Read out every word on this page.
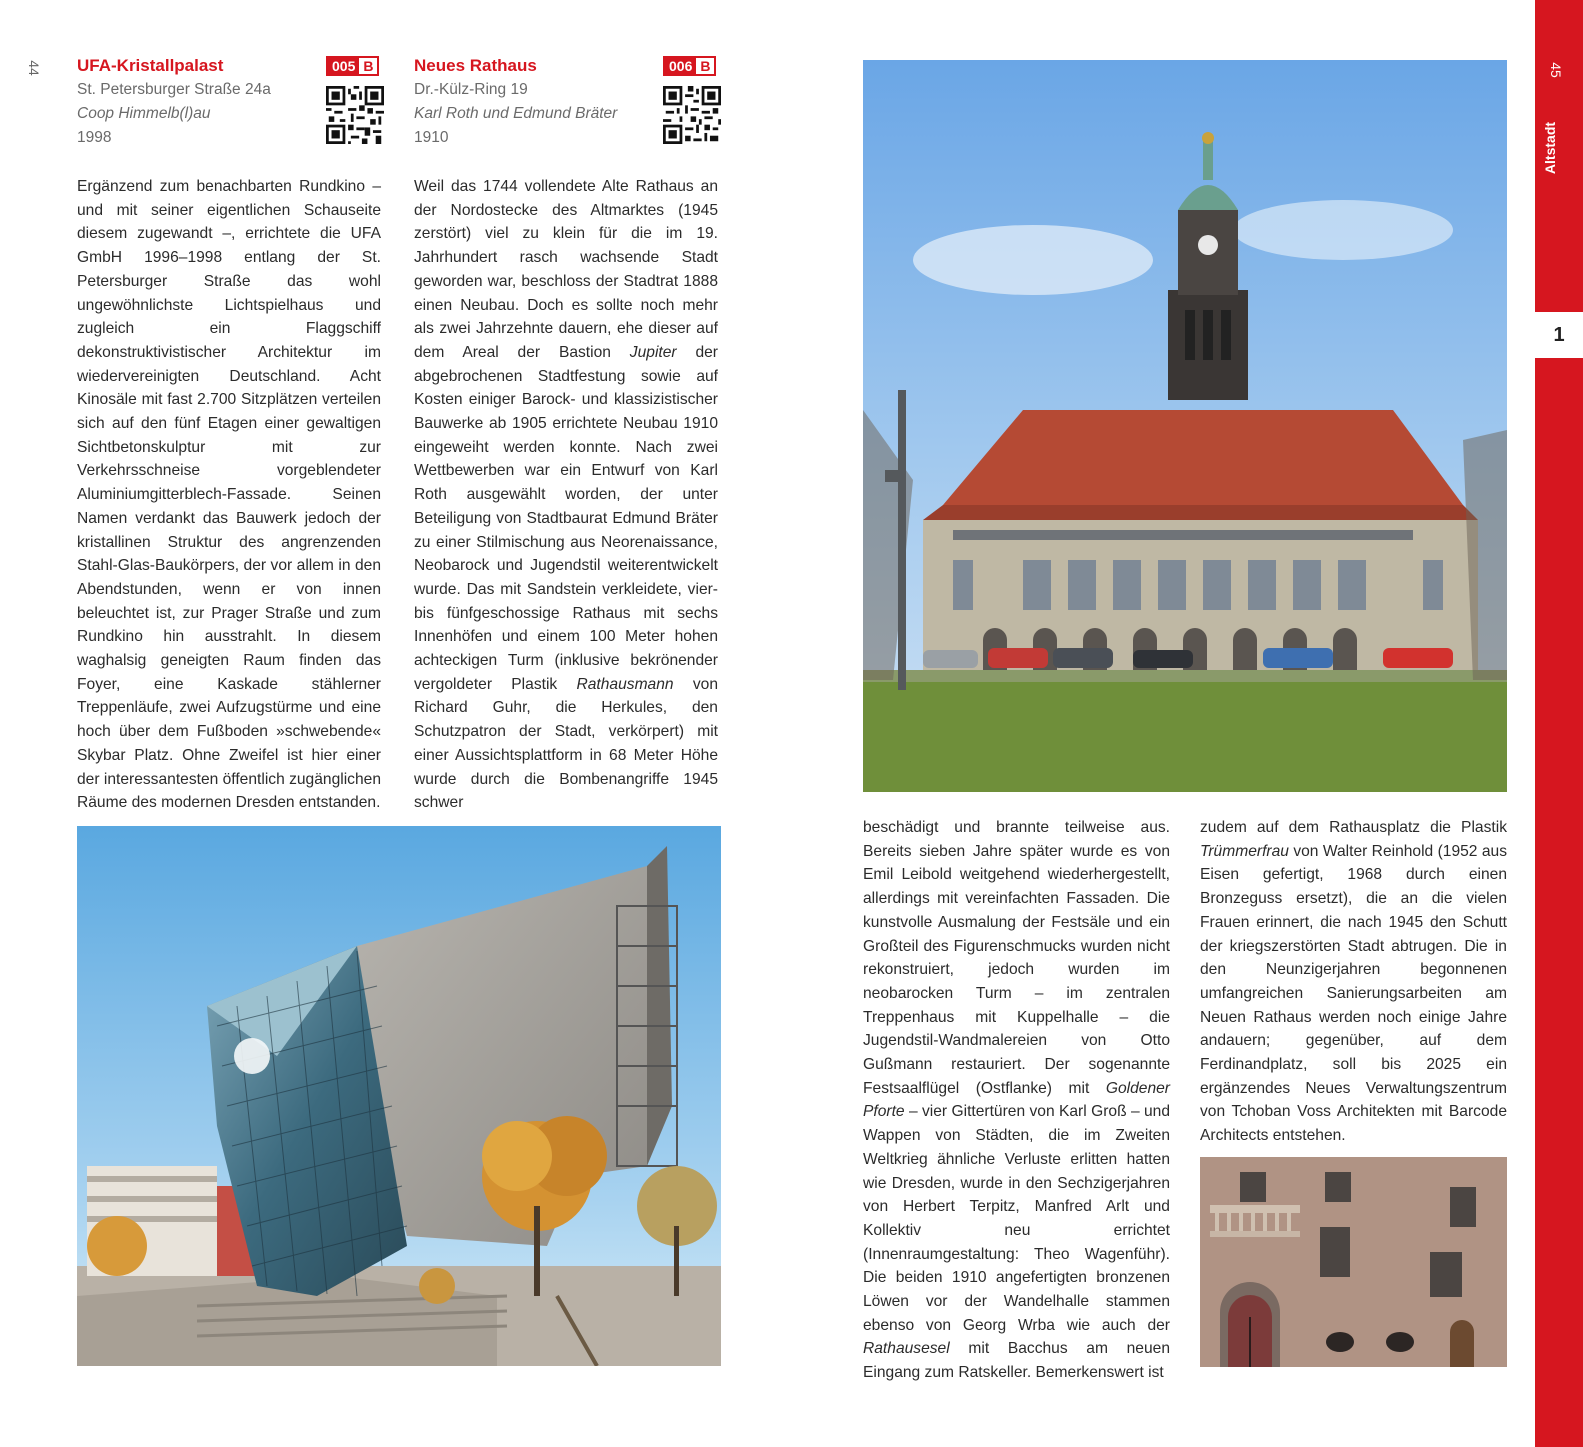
44 UFA-Kristallpalast
St. Petersburger Straße 24a
Coop Himmelb(l)au
1998
005 B Neues Rathaus
Dr.-Külz-Ring 19
Karl Roth und Edmund Bräter
1910
006 B
Ergänzend zum benachbarten Rundkino – und mit seiner eigentlichen Schauseite diesem zugewandt –, errichtete die UFA GmbH 1996–1998 entlang der St. Petersburger Straße das wohl ungewöhnlichste Lichtspielhaus und zugleich ein Flaggschiff dekonstruktivistischer Architektur im wiedervereinigten Deutschland. Acht Kinosäle mit fast 2.700 Sitzplätzen verteilen sich auf den fünf Etagen einer gewaltigen Sichtbetonskulptur mit zur Verkehrsschneise vorgeblendeter Aluminiumgitterblech-Fassade. Seinen Namen verdankt das Bauwerk jedoch der kristallinen Struktur des angrenzenden Stahl-Glas-Baukörpers, der vor allem in den Abendstunden, wenn er von innen beleuchtet ist, zur Prager Straße und zum Rundkino hin ausstrahlt. In diesem waghalsig geneigten Raum finden das Foyer, eine Kaskade stählerner Treppenläufe, zwei Aufzugstürme und eine hoch über dem Fußboden »schwebende« Skybar Platz. Ohne Zweifel ist hier einer der interessantesten öffentlich zugänglichen Räume des modernen Dresden entstanden.
Weil das 1744 vollendete Alte Rathaus an der Nordostecke des Altmarktes (1945 zerstört) viel zu klein für die im 19. Jahrhundert rasch wachsende Stadt geworden war, beschloss der Stadtrat 1888 einen Neubau. Doch es sollte noch mehr als zwei Jahrzehnte dauern, ehe dieser auf dem Areal der Bastion Jupiter der abgebrochenen Stadtfestung sowie auf Kosten einiger Barock- und klassizistischer Bauwerke ab 1905 errichtete Neubau 1910 eingeweiht werden konnte. Nach zwei Wettbewerben war ein Entwurf von Karl Roth ausgewählt worden, der unter Beteiligung von Stadtbaurat Edmund Bräter zu einer Stilmischung aus Neorenaissance, Neobarock und Jugendstil weiterentwickelt wurde. Das mit Sandstein verkleidete, vier- bis fünfgeschossige Rathaus mit sechs Innenhöfen und einem 100 Meter hohen achteckigen Turm (inklusive bekrönender vergoldeter Plastik Rathausmann von Richard Guhr, die Herkules, den Schutzpatron der Stadt, verkörpert) mit einer Aussichtsplattform in 68 Meter Höhe wurde durch die Bombenangriffe 1945 schwer
beschädigt und brannte teilweise aus. Bereits sieben Jahre später wurde es von Emil Leibold weitgehend wiederhergestellt, allerdings mit vereinfachten Fassaden. Die kunstvolle Ausmalung der Festsäle und ein Großteil des Figurenschmucks wurden nicht rekonstruiert, jedoch wurden im neobarocken Turm – im zentralen Treppenhaus mit Kuppelhalle – die Jugendstil-Wandmalereien von Otto Gußmann restauriert. Der sogenannte Festsaalflügel (Ostflanke) mit Goldener Pforte – vier Gittertüren von Karl Groß – und Wappen von Städten, die im Zweiten Weltkrieg ähnliche Verluste erlitten hatten wie Dresden, wurde in den Sechzigerjahren von Herbert Terpitz, Manfred Arlt und Kollektiv neu errichtet (Innenraumgestaltung: Theo Wagenführ). Die beiden 1910 angefertigten bronzenen Löwen vor der Wandelhalle stammen ebenso von Georg Wrba wie auch der Rathausesel mit Bacchus am neuen Eingang zum Ratskeller. Bemerkenswert ist
zudem auf dem Rathausplatz die Plastik Trümmerfrau von Walter Reinhold (1952 aus Eisen gefertigt, 1968 durch einen Bronzeguss ersetzt), die an die vielen Frauen erinnert, die nach 1945 den Schutt der kriegszerstörten Stadt abtrugen. Die in den Neunzigerjahren begonnenen umfangreichen Sanierungsarbeiten am Neuen Rathaus werden noch einige Jahre andauern; gegenüber, auf dem Ferdinandplatz, soll bis 2025 ein ergänzendes Neues Verwaltungszentrum von Tchoban Voss Architekten mit Barcode Architects entstehen.
45
Altstadt
1
